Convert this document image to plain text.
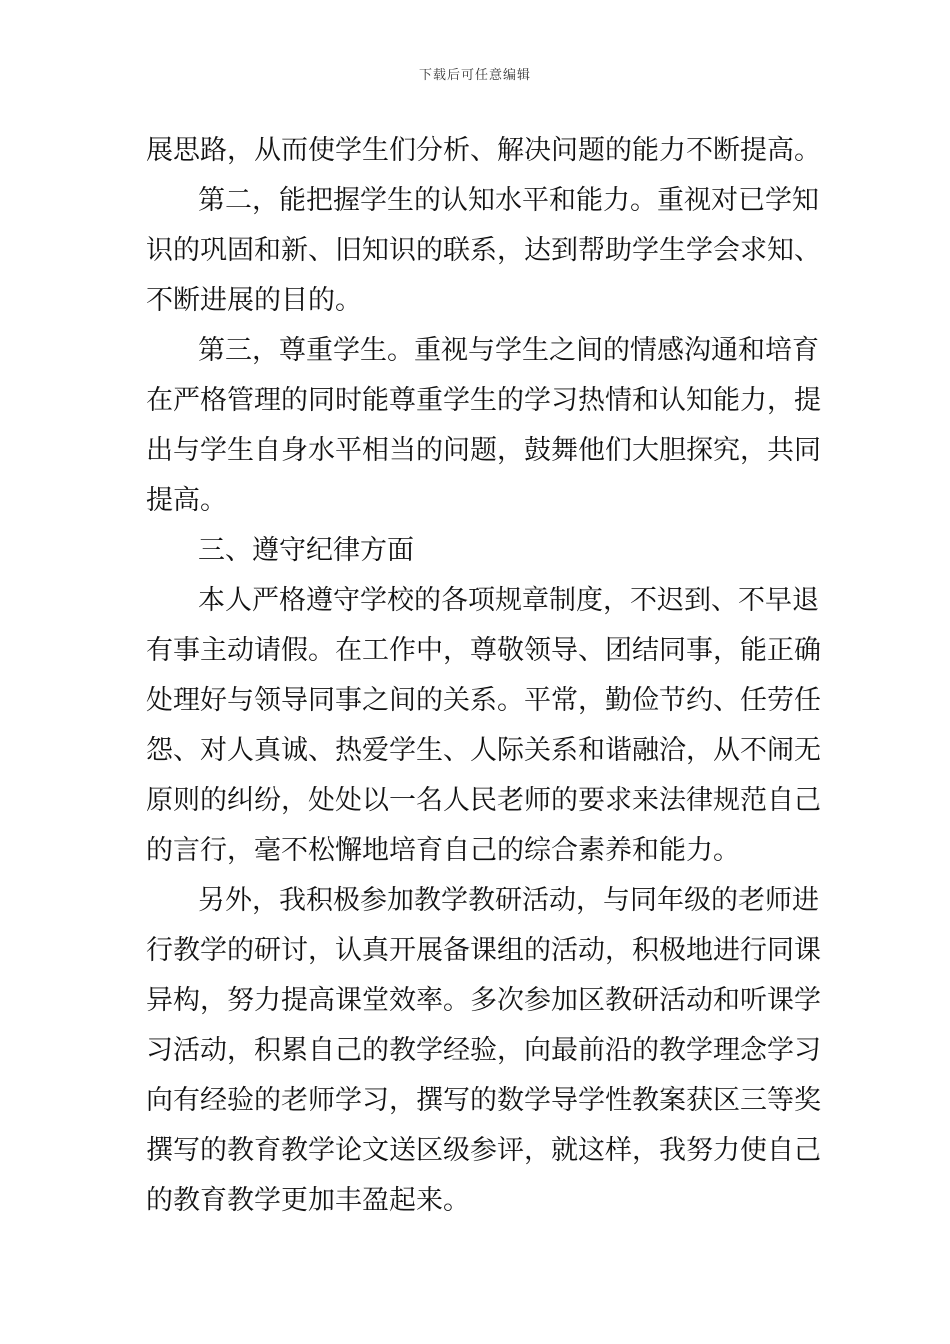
下载后可任意编辑
展思路，从而使学生们分析、解决问题的能力不断提高。
第二，能把握学生的认知水平和能力。重视对已学知
识的巩固和新、旧知识的联系，达到帮助学生学会求知、
不断进展的目的。
第三，尊重学生。重视与学生之间的情感沟通和培育
在严格管理的同时能尊重学生的学习热情和认知能力，提
出与学生自身水平相当的问题，鼓舞他们大胆探究，共同
提高。
三、遵守纪律方面
本人严格遵守学校的各项规章制度，不迟到、不早退
有事主动请假。在工作中，尊敬领导、团结同事，能正确
处理好与领导同事之间的关系。平常，勤俭节约、任劳任
怨、对人真诚、热爱学生、人际关系和谐融洽，从不闹无
原则的纠纷，处处以一名人民老师的要求来法律规范自己
的言行，毫不松懈地培育自己的综合素养和能力。
另外，我积极参加教学教研活动，与同年级的老师进
行教学的研讨，认真开展备课组的活动，积极地进行同课
异构，努力提高课堂效率。多次参加区教研活动和听课学
习活动，积累自己的教学经验，向最前沿的教学理念学习
向有经验的老师学习，撰写的数学导学性教案获区三等奖
撰写的教育教学论文送区级参评，就这样，我努力使自己
的教育教学更加丰盈起来。
